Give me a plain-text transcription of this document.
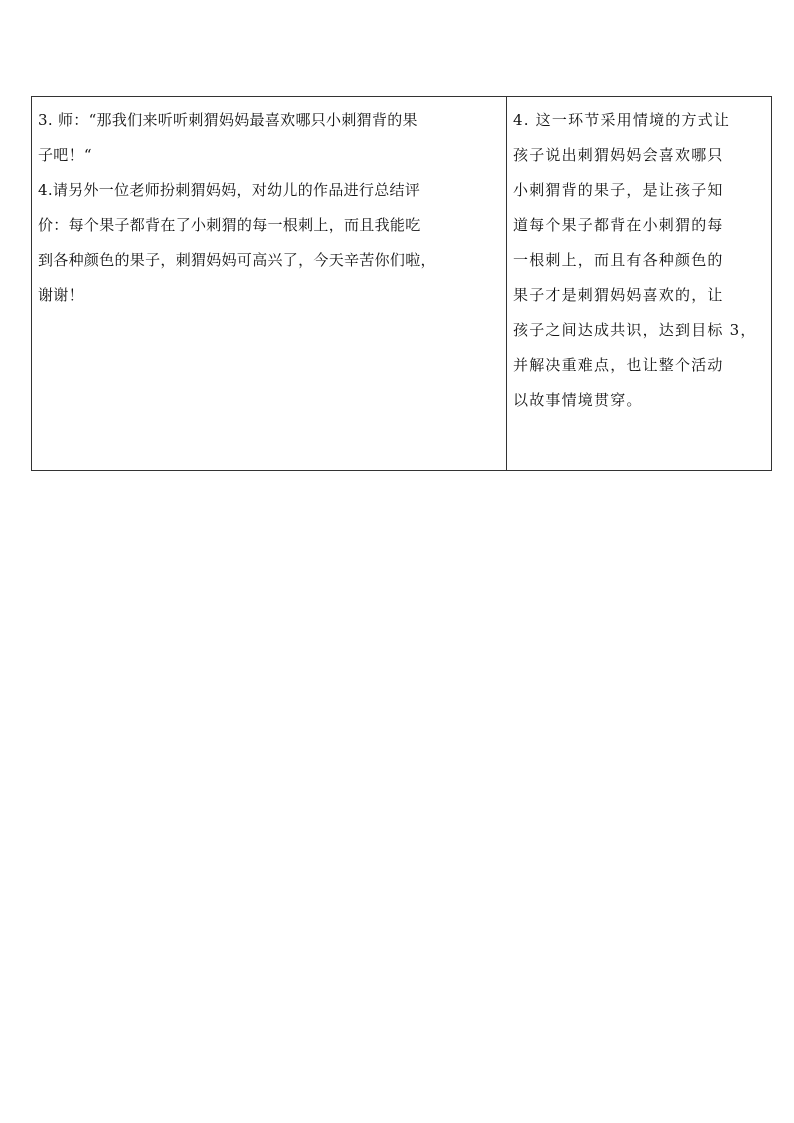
3. 师：“那我们来听听刺猬妈妈最喜欢哪只小刺猬背的果
子吧！“
4.请另外一位老师扮刺猬妈妈，对幼儿的作品进行总结评
价：每个果子都背在了小刺猬的每一根刺上，而且我能吃
到各种颜色的果子，刺猬妈妈可高兴了，今天辛苦你们啦，
谢谢！

4. 这一环节采用情境的方式让
孩子说出刺猬妈妈会喜欢哪只
小刺猬背的果子，是让孩子知
道每个果子都背在小刺猬的每
一根刺上，而且有各种颜色的
果子才是刺猬妈妈喜欢的，让
孩子之间达成共识，达到目标 3，
并解决重难点，也让整个活动
以故事情境贯穿。
